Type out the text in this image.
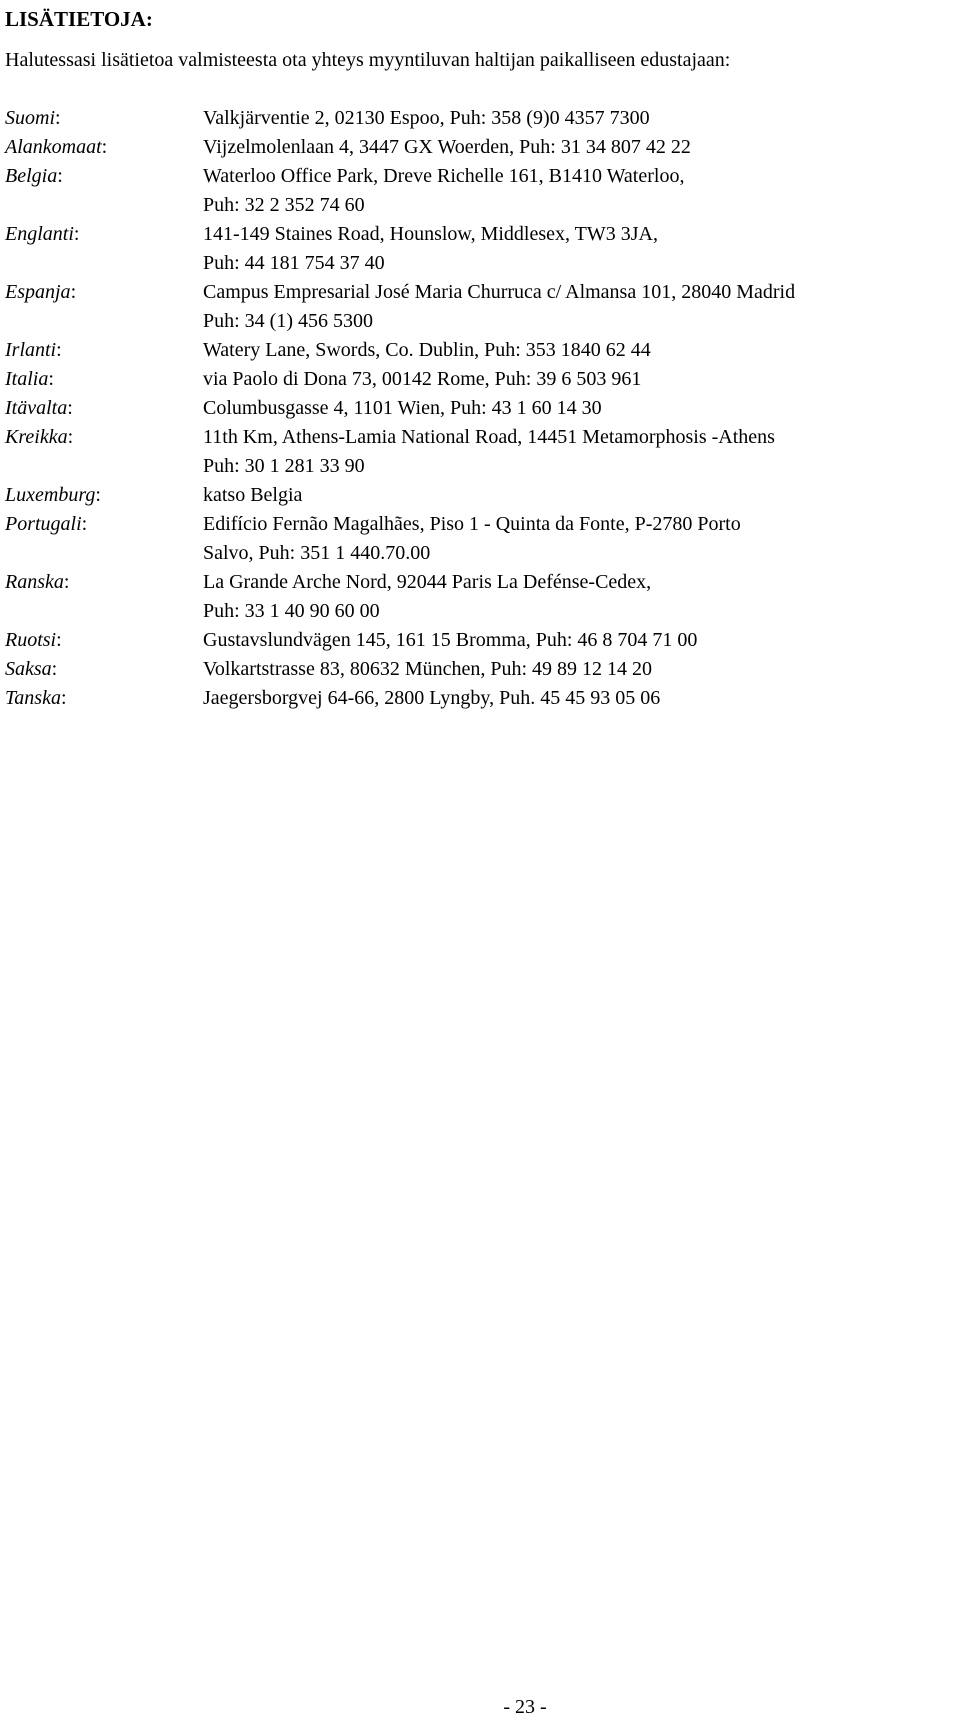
LISÄTIETOJA:
Halutessasi lisätietoa valmisteesta ota yhteys myyntiluvan haltijan paikalliseen edustajaan:
Suomi:	Valkjärventie 2, 02130 Espoo, Puh: 358 (9)0 4357 7300
Alankomaat:	Vijzelmolenlaan 4, 3447 GX Woerden, Puh: 31 34 807 42 22
Belgia:	Waterloo Office Park, Dreve Richelle 161, B1410 Waterloo,
Puh: 32 2 352 74 60
Englanti:	141-149 Staines Road, Hounslow, Middlesex, TW3 3JA,
Puh: 44 181 754 37 40
Espanja:	Campus Empresarial José Maria Churruca c/ Almansa 101, 28040 Madrid
Puh: 34 (1) 456 5300
Irlanti:	Watery Lane, Swords, Co. Dublin, Puh: 353 1840 62 44
Italia:	via Paolo di Dona 73, 00142 Rome, Puh: 39 6 503 961
Itävalta:	Columbusgasse 4, 1101 Wien, Puh: 43 1 60 14 30
Kreikka:	11th Km, Athens-Lamia National Road, 14451 Metamorphosis -Athens
Puh: 30 1 281 33 90
Luxemburg:	katso Belgia
Portugali:	Edifício Fernão Magalhães, Piso 1 - Quinta da Fonte, P-2780 Porto
Salvo, Puh: 351 1 440.70.00
Ranska:	La Grande Arche Nord, 92044 Paris La Defénse-Cedex,
Puh: 33 1 40 90 60 00
Ruotsi:	Gustavslundvägen 145, 161 15 Bromma, Puh: 46 8 704 71 00
Saksa:	Volkartstrasse 83, 80632 München, Puh: 49 89 12 14 20
Tanska:	Jaegersborgvej 64-66, 2800 Lyngby, Puh. 45 45 93 05 06
- 23 -
